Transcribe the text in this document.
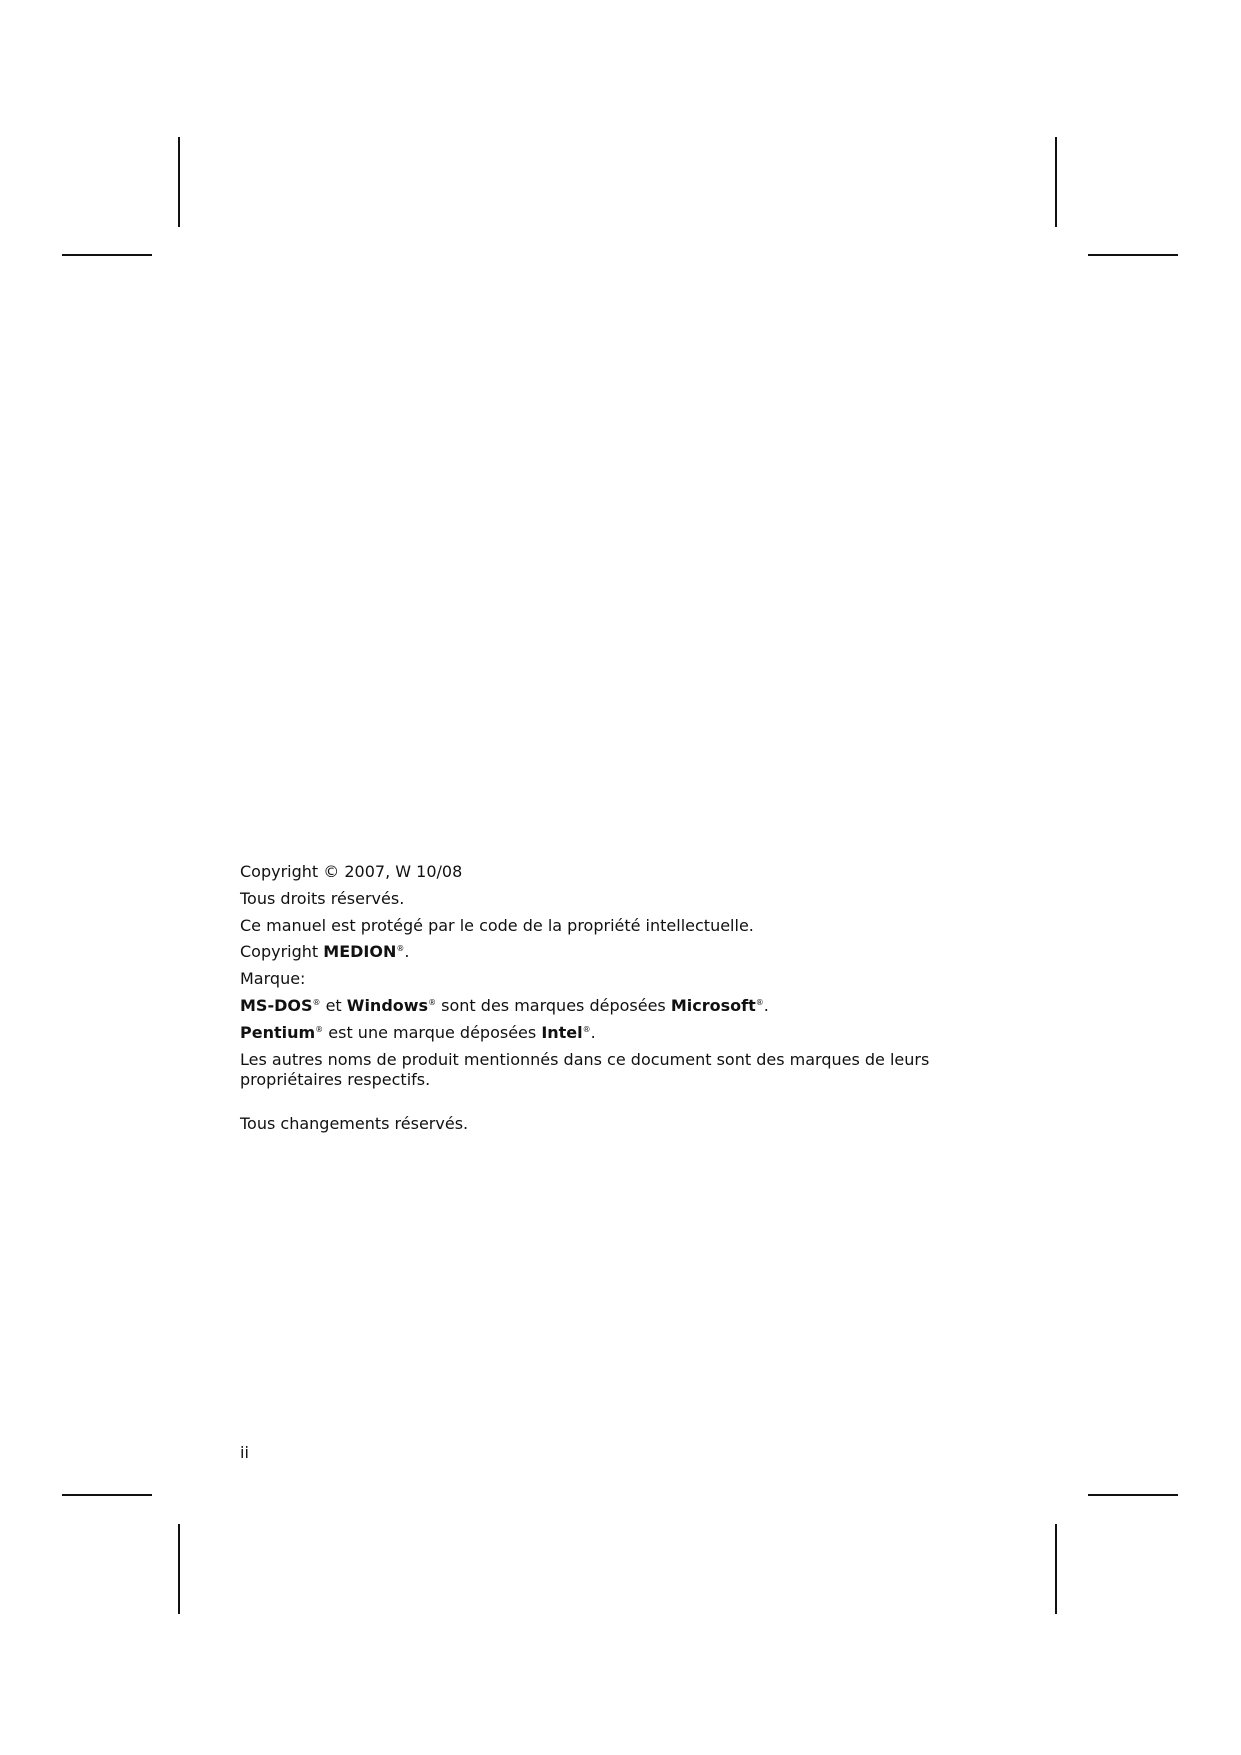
Copyright © 2007, W 10/08

Tous droits réservés.

Ce manuel est protégé par le code de la propriété intellectuelle.

Copyright MEDION®.

Marque:

MS-DOS® et Windows® sont des marques déposées Microsoft®.

Pentium® est une marque déposées Intel®.

Les autres noms de produit mentionnés dans ce document sont des marques de leurs propriétaires respectifs.

Tous changements réservés.

ii
